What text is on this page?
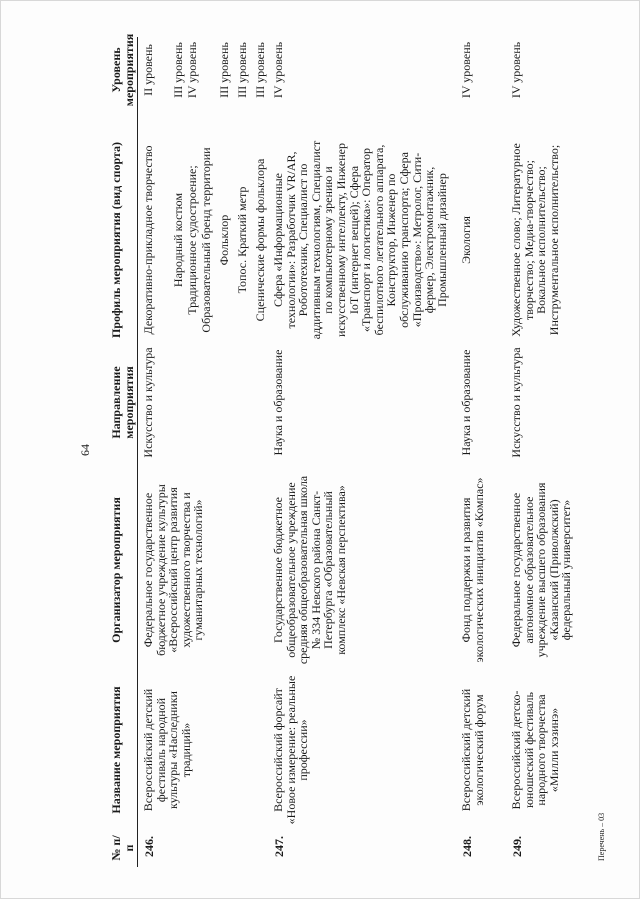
64
№ п/п
Название мероприятия
Организатор мероприятия
Направление мероприятия
Профиль мероприятия (вид спорта)
Уровень мероприятия
246.
Всероссийский детский фестиваль народной культуры «Наследники традиций»
Федеральное государственное бюджетное учреждение культуры «Всероссийский центр развития художественного творчества и гуманитарных технологий»
Искусство и культура
Декоративно-прикладное творчество
II уровень
Народный костюм
III уровень
Традиционное судостроение;
IV уровень
Образовательный бренд территории Фольклор
III уровень
Топос. Краткий метр
III уровень
Сценические формы фольклора
III уровень
247.
Всероссийский форсайт «Новое измерение: реальные профессии»
Государственное бюджетное общеобразовательное учреждение средняя общеобразовательная школа № 334 Невского района Санкт-Петербурга «Образовательный комплекс «Невская перспектива»
Наука и образование
Сфера «Информационные технологии»: Разработчик VR/AR, Робототехник, Специалист по аддитивным технологиям, Специалист по компьютерному зрению и искусственному интеллекту, Инженер IoT (интернет вещей); Сфера «Транспорт и логистика»: Оператор беспилотного летательного аппарата, Конструктор, Инженер по обслуживанию транспорта; Сфера «Производство»: Метролог, Сити-фермер, Электромонтажник, Промышленный дизайнер
IV уровень
248.
Всероссийский детский экологический форум
Фонд поддержки и развития экологических инициатив «Компас»
Наука и образование
Экология
IV уровень
249.
Всероссийский детско-юношеский фестиваль народного творчества «Милли хэзинэ»
Федеральное государственное автономное образовательное учреждение высшего образования «Казанский (Приволжский) федеральный университет»
Искусство и культура
Художественное слово; Литературное творчество; Медиа-творчество; Вокальное исполнительство; Инструментальное исполнительство;
IV уровень
Перечень – 03
